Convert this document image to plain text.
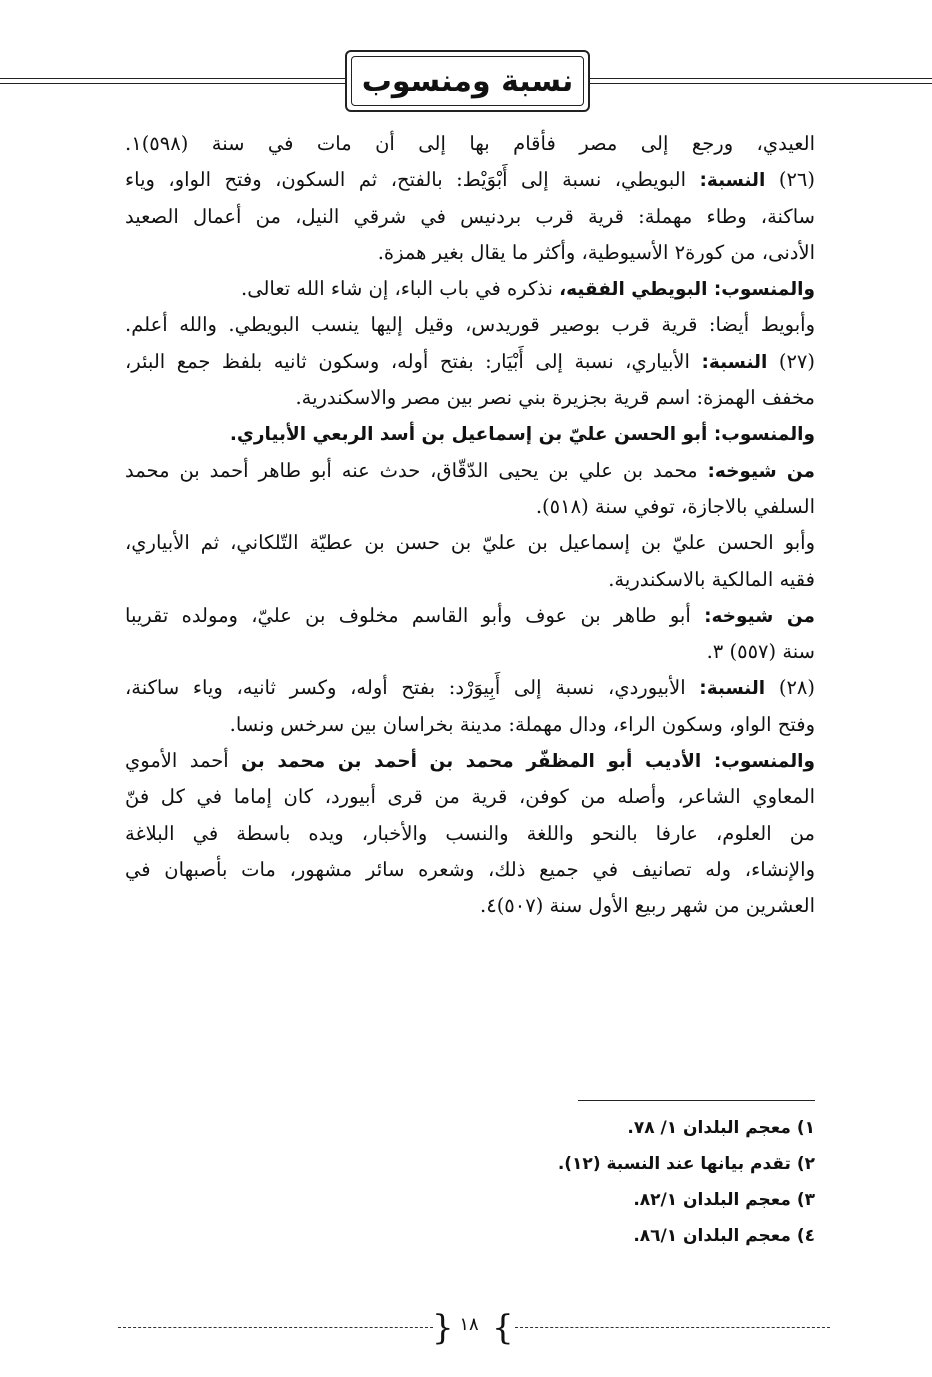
نسبة ومنسوب
العيدي، ورجع إلى مصر فأقام بها إلى أن مات في سنة (٥٩٨)١.
(٢٦) النسبة: البويطي، نسبة إلى أَبْوَيْط: بالفتح، ثم السكون، وفتح الواو، وياء
ساكنة، وطاء مهملة: قرية قرب بردنيس في شرقي النيل، من أعمال الصعيد
الأدنى، من كورة٢ الأسيوطية، وأكثر ما يقال بغير همزة.
والمنسوب: البويطي الفقيه، نذكره في باب الباء، إن شاء الله تعالى.
وأبويط أيضا: قرية قرب بوصير قوريدس، وقيل إليها ينسب البويطي. والله أعلم.
(٢٧) النسبة: الأبياري، نسبة إلى أَبْيَار: بفتح أوله، وسكون ثانيه بلفظ جمع البئر،
مخفف الهمزة: اسم قرية بجزيرة بني نصر بين مصر والاسكندرية.
والمنسوب: أبو الحسن عليّ بن إسماعيل بن أسد الربعي الأبياري.
من شيوخه: محمد بن علي بن يحيى الدّقّاق، حدث عنه أبو طاهر أحمد بن محمد
السلفي بالاجازة، توفي سنة (٥١٨).
وأبو الحسن عليّ بن إسماعيل بن عليّ بن حسن بن عطيّة التّلكاني، ثم الأبياري،
فقيه المالكية بالاسكندرية.
من شيوخه: أبو طاهر بن عوف وأبو القاسم مخلوف بن عليّ، ومولده تقريبا
سنة (٥٥٧) ٣.
(٢٨) النسبة: الأبيوردي، نسبة إلى أَبِيوَرْد: بفتح أوله، وكسر ثانيه، وياء ساكنة،
وفتح الواو، وسكون الراء، ودال مهملة: مدينة بخراسان بين سرخس ونسا.
والمنسوب: الأديب أبو المظفّر محمد بن أحمد بن محمد بن أحمد الأموي
المعاوي الشاعر، وأصله من كوفن، قرية من قرى أبيورد، كان إماما في كل فنّ
من العلوم، عارفا بالنحو واللغة والنسب والأخبار، ويده باسطة في البلاغة
والإنشاء، وله تصانيف في جميع ذلك، وشعره سائر مشهور، مات بأصبهان في
العشرين من شهر ربيع الأول سنة (٥٠٧)٤.
١) معجم البلدان ١/ ٧٨.
٢) تقدم بيانها عند النسبة (١٢).
٣) معجم البلدان ٨٢/١.
٤) معجم البلدان ٨٦/١.
{ ١٨ }
